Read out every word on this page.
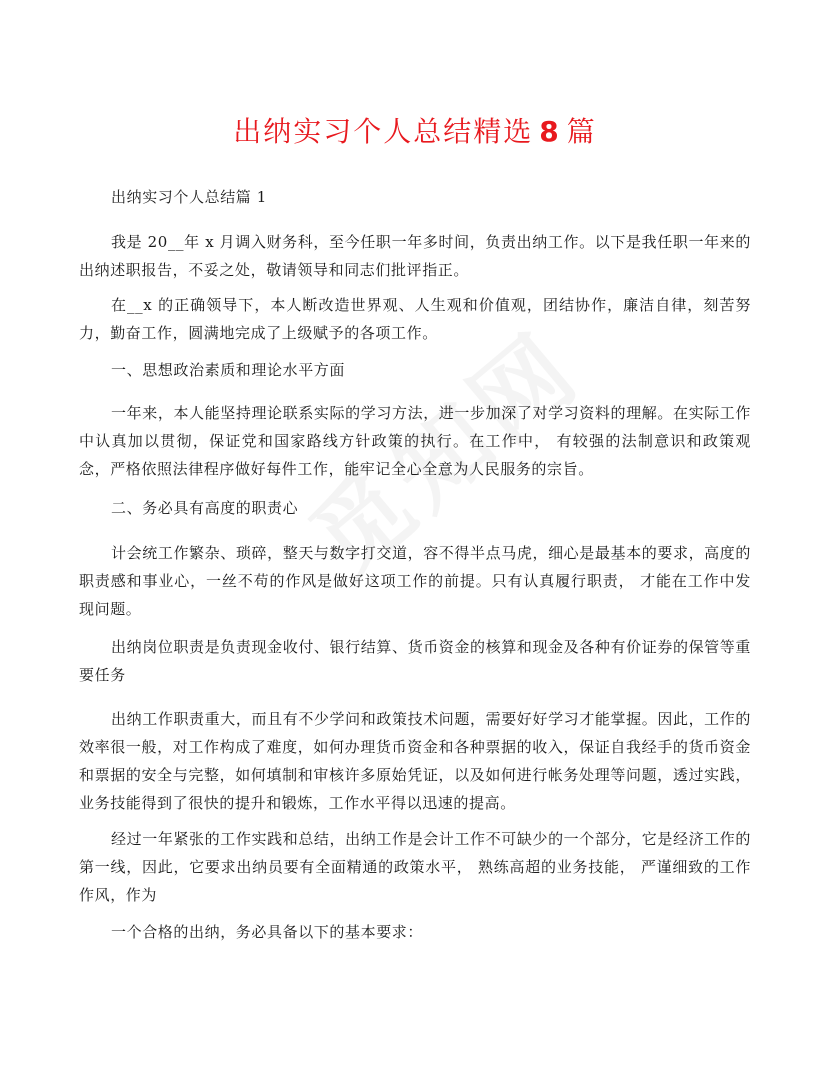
出纳实习个人总结精选 8 篇
出纳实习个人总结篇 1
我是 20__年 x 月调入财务科，至今任职一年多时间，负责出纳工作。以下是我任职一年来的出纳述职报告，不妥之处，敬请领导和同志们批评指正。
在__x 的正确领导下，本人断改造世界观、人生观和价值观，团结协作，廉洁自律，刻苦努力，勤奋工作，圆满地完成了上级赋予的各项工作。
一、思想政治素质和理论水平方面
一年来，本人能坚持理论联系实际的学习方法，进一步加深了对学习资料的理解。在实际工作中认真加以贯彻，保证党和国家路线方针政策的执行。在工作中， 有较强的法制意识和政策观念，严格依照法律程序做好每件工作，能牢记全心全意为人民服务的宗旨。
二、务必具有高度的职责心
计会统工作繁杂、琐碎，整天与数字打交道，容不得半点马虎，细心是最基本的要求，高度的职责感和事业心，一丝不苟的作风是做好这项工作的前提。只有认真履行职责， 才能在工作中发现问题。
出纳岗位职责是负责现金收付、银行结算、货币资金的核算和现金及各种有价证券的保管等重要任务
出纳工作职责重大，而且有不少学问和政策技术问题，需要好好学习才能掌握。因此，工作的效率很一般，对工作构成了难度，如何办理货币资金和各种票据的收入，保证自我经手的货币资金和票据的安全与完整，如何填制和审核许多原始凭证，以及如何进行帐务处理等问题，透过实践，业务技能得到了很快的提升和锻炼，工作水平得以迅速的提高。
经过一年紧张的工作实践和总结，出纳工作是会计工作不可缺少的一个部分，它是经济工作的第一线，因此，它要求出纳员要有全面精通的政策水平， 熟练高超的业务技能， 严谨细致的工作作风，作为
一个合格的出纳，务必具备以下的基本要求：
